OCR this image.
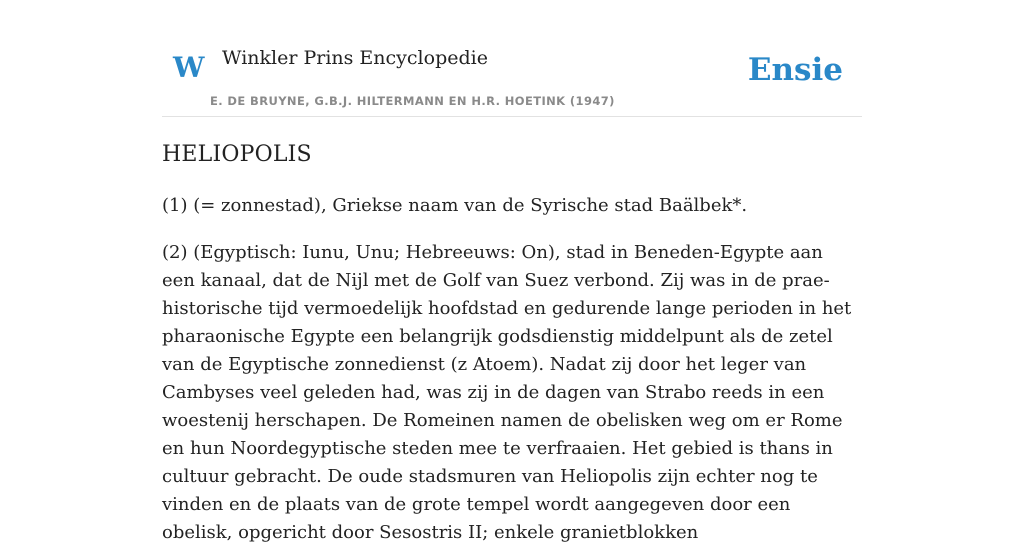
W Winkler Prins Encyclopedie
E. DE BRUYNE, G.B.J. HILTERMANN EN H.R. HOETINK (1947)
Ensie
HELIOPOLIS

(1) (= zonnestad), Griekse naam van de Syrische stad Baälbek*.

(2) (Egyptisch: Iunu, Unu; Hebreeuws: On), stad in Beneden-Egypte aan een kanaal, dat de Nijl met de Golf van Suez verbond. Zij was in de prae-historische tijd vermoedelijk hoofdstad en gedurende lange perioden in het pharaonische Egypte een belangrijk godsdienstig middelpunt als de zetel van de Egyptische zonnedienst (z Atoem). Nadat zij door het leger van Cambyses veel geleden had, was zij in de dagen van Strabo reeds in een woestenij herschapen. De Romeinen namen de obelisken weg om er Rome en hun Noordegyptische steden mee te verfraaien. Het gebied is thans in cultuur gebracht. De oude stadsmuren van Heliopolis zijn echter nog te vinden en de plaats van de grote tempel wordt aangegeven door een obelisk, opgericht door Sesostris II; enkele granietblokken
